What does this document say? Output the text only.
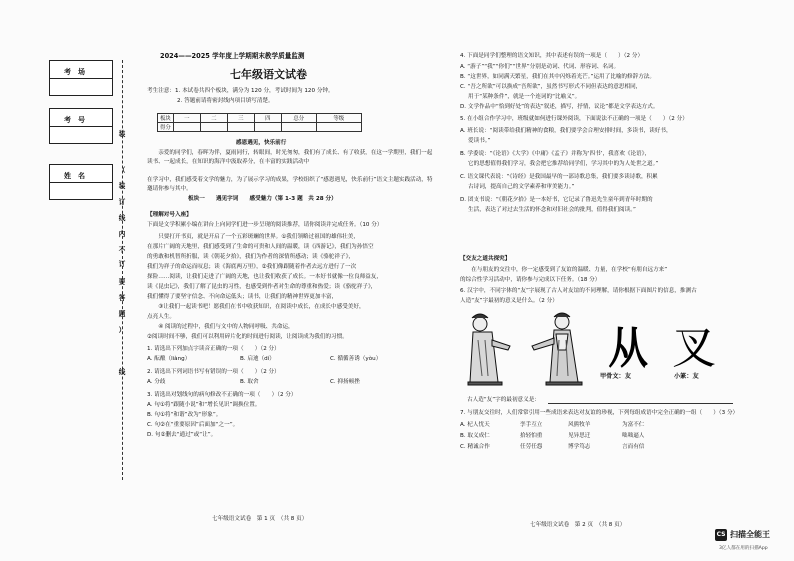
考　场
考　号
姓　名
装
订
线
（
装
订
线
内
不
要
答
题
）
2024——2025 学年度上学期期末教学质量监测
七年级语文试卷
考生注意：1. 本试卷共四个板块，满分为 120 分，考试时间为 120 分钟。
2. 答题前请将密封线内项目填写清楚。
板块	一	二	三	四	总分	等级
得分						
感恩遇见，快乐前行
　　亲爱的同学们，春晖为伴，夏雨同行，转眼间，时光匆匆，我们有了成长、有了收获，在这一学期里，我们一起读书、一起成长，在知识的海洋中汲取养分，在丰富的实践活动中
在学习中，我们感受着文学的魅力，为了展示学习的成果，学校组织了“感恩遇见，快乐前行”语文主题实践活动，特邀请你参与其中。
板块一　　遇见字词　　感受魅力（第 1-3 题　共 28 分）
【理解对号入座】
下面是文学积累小编在讲台上向同学们进一步呈现的阅读推荐，请你阅读并完成任务。（10 分）
　　只要打开书页，就是开启了一个五彩斑斓的世界。①我们领略过祖国的雄伟壮美，
在那片广阔的天地里，我们感受到了生命的可贵和人间的温暖，读《西游记》，我们为孙悟空
的勇敢和机智所折服，读《朝花夕拾》，我们为作者的深情所感动；读《骆驼祥子》，
我们为祥子的命运而叹息；读《海底两万里》，②我们像跟随着作者去远方进行了一次
探险……阅读，让我们走进了广阔的天地，也让我们收获了成长。一本好书就像一位良师益友，
读《昆虫记》，我们了解了昆虫的习性，也感受到作者对生命的尊重和热爱；读《骆驼祥子》，
我们懂得了要坚守信念、不向命运低头；读书，让我们的精神世界更加丰富，
　　③让我们一起读书吧！愿我们在书中收获知识，在阅读中成长，在成长中感受美好，
点亮人生。
　　④ 阅读的过程中，我们与文中的人物同呼吸、共命运，
②阅读时间不够，我们可以利用碎片化的时间进行阅读，让阅读成为我们的习惯。
1. 请选出下列加点字读音正确的一项（　　）（2 分）
A. 酝酿（liàng）	B. 启迪（dí）	C. 循循善诱（yòu）
2. 请选出下列词语书写有错误的一项（　　）（2 分）
A. 分歧	B. 取舍	C. 抑扬顿挫
3. 请选出对划线句的病句修改不正确的一项（　　）（2 分）
A. 句①将“跟随小说”和“增长见识”调换位置。
B. 句①将“和谐”改为“形象”。
C. 句②在“重要原因”后面加“之一”。
D. 句②删去“通过”或“让”。
七年级语文试卷　第 1 页　（共 8 页）
4. 下面是同学们整理的语文知识，其中表述有误的一项是（　　）（2 分）
A. “游子”“我”“你们”“世界”分别是动词、代词、形容词、名词。
B. “这世界，如同满天繁星，我们在其中闪烁着光芒。”运用了比喻的修辞方法。
C. “吾之所欲”可以换成“吾所欲”，虽然书写形式不同但表达的意思相同，
用于“某种条件”，就是一个连词的“比喻义”。
D. 文学作品中“恰到好处”的表达“叙述，描写，抒情，议论”都是文学表达方式。
5. 在小组合作学习中，班级就如何进行课外阅读，下面说法不正确的一项是（　　）（2 分）
A. 班长说：“阅读带给我们精神的食粮，我们要学会合理安排时间，多读书，读好书，
爱读书。”
B. 学委说：“《论语》《大学》《中庸》《孟子》并称为‘四书’，我喜欢《论语》，
它的思想值得我们学习，我会把它推荐给同学们，学习其中的为人处世之道。”
C. 语文课代表说：“《诗经》是我国最早的一部诗歌总集，我们要多读诗歌，积累
古诗词，提高自己的文学素养和审美能力。”
D. 团支书说：“《朝花夕拾》是一本好书，它记录了鲁迅先生童年到青年时期的
生活，表达了对过去生活的怀念和对旧社会的批判，值得我们阅读。”
【交友之道共探究】
　　在与朋友的交往中，你一定感受到了友谊的温暖、力量，在学校“有朋自远方来”
的综合性学习活动中，请你参与完成以下任务。（18 分）
6. 汉字中，不同字体的“友”字展现了古人对友谊的不同理解，请你根据下面图片的信息，推测古
人造“友”字最初的意义是什么。（2 分）
从 叉
甲骨文：友	小篆：友
古人造“友”字的最初意义是：
7. 与朋友交往时，人们常常引用一些成语来表达对友谊的珍视，下列每组成语中完全正确的一组（　　）（3 分）
A. 杞人忧天	孪手互立	风熊牧羊	为富不仁
B. 取义成仁	拾轻怕重	见异思迁	咄咄逼人
C. 精诚合作	任劳任怨	博学笃志	言而有信
七年级语文试卷　第 2 页　（共 8 页）
CS 扫描全能王
3亿人都在用的扫描App
